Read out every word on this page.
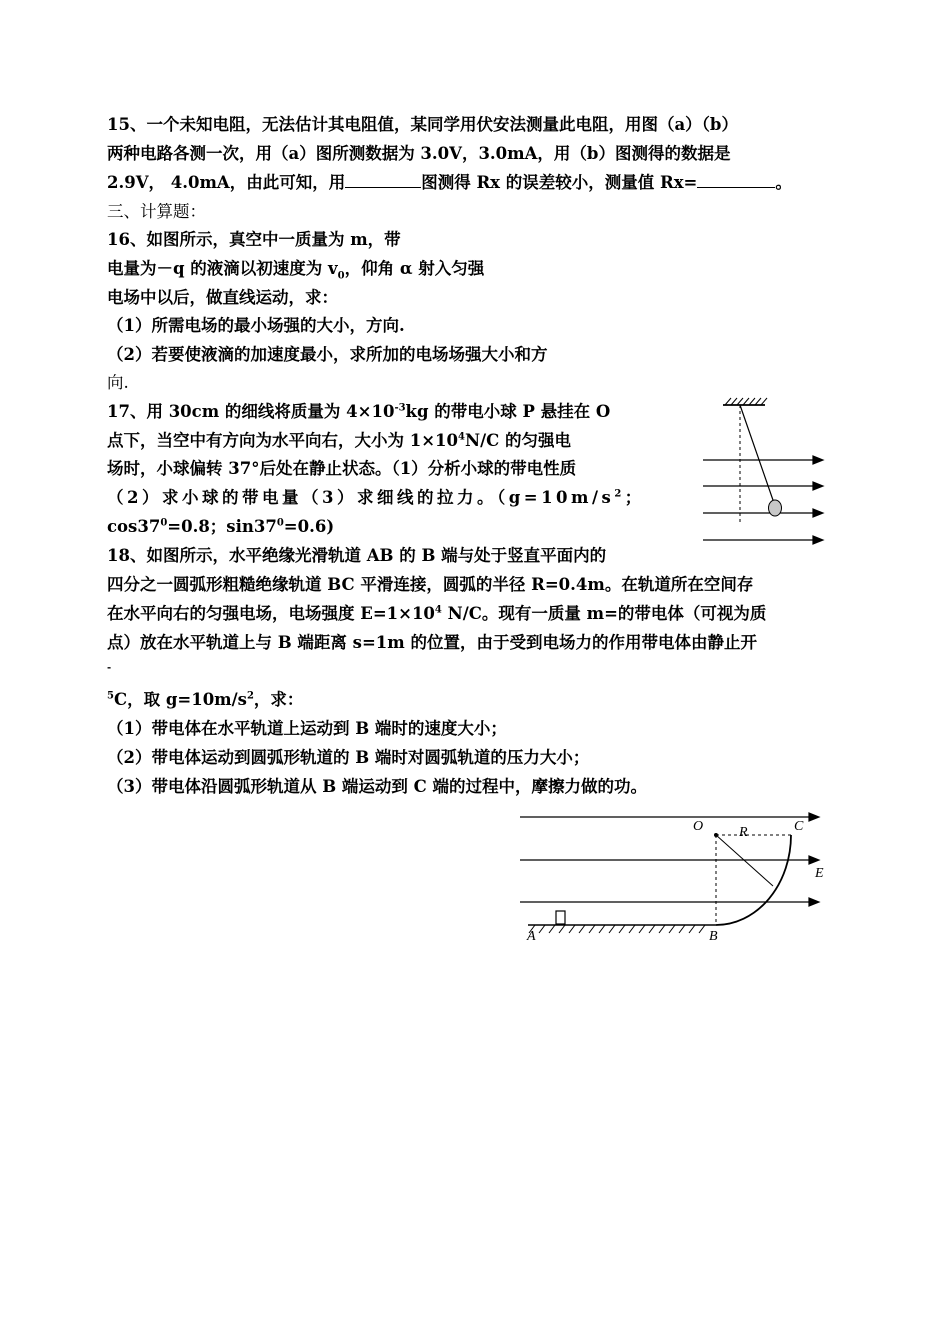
15、一个未知电阻，无法估计其电阻值，某同学用伏安法测量此电阻，用图（a）（b）
两种电路各测一次，用（a）图所测数据为 3.0V，3.0mA，用（b）图测得的数据是
2.9V， 4.0mA，由此可知，用	图测得 Rx 的误差较小，测量值 Rx=	。
三、计算题：
16、如图所示，真空中一质量为 m，带
电量为－q 的液滴以初速度为 $v_0$，仰角 α 射入匀强
电场中以后，做直线运动，求：
（1）所需电场的最小场强的大小，方向.
（2）若要使液滴的加速度最小，求所加的电场场强大小和方
向.
17、用 30cm 的细线将质量为 $4\times 10^{-3}kg$ 的带电小球 P 悬挂在 O
点下，当空中有方向为水平向右，大小为 $1\times 10^4N/C$ 的匀强电
场时，小球偏转 37°后处在静止状态。（1）分析小球的带电性质
（2）求小球的带电量（3）求细线的拉力。（$g=10m/s^2$；
$\cos 37^0=0.8$；$\sin 37^0=0.6$)
18、如图所示，水平绝缘光滑轨道 AB 的 B 端与处于竖直平面内的
四分之一圆弧形粗糙绝缘轨道 BC 平滑连接，圆弧的半径 R=0.4m。在轨道所在空间存
在水平向右的匀强电场，电场强度 $E=1\times 10^4$ N/C。现有一质量 m=的带电体（可视为质
点）放在水平轨道上与 B 端距离 s=1m 的位置，由于受到电场力的作用带电体由静止开
-
$^5$C，取 $g=10m/s^2$，求：
（1）带电体在水平轨道上运动到 B 端时的速度大小；
（2）带电体运动到圆弧形轨道的 B 端时对圆弧轨道的压力大小；
（3）带电体沿圆弧形轨道从 B 端运动到 C 端的过程中，摩擦力做的功。
O	R	C
E
A	B
